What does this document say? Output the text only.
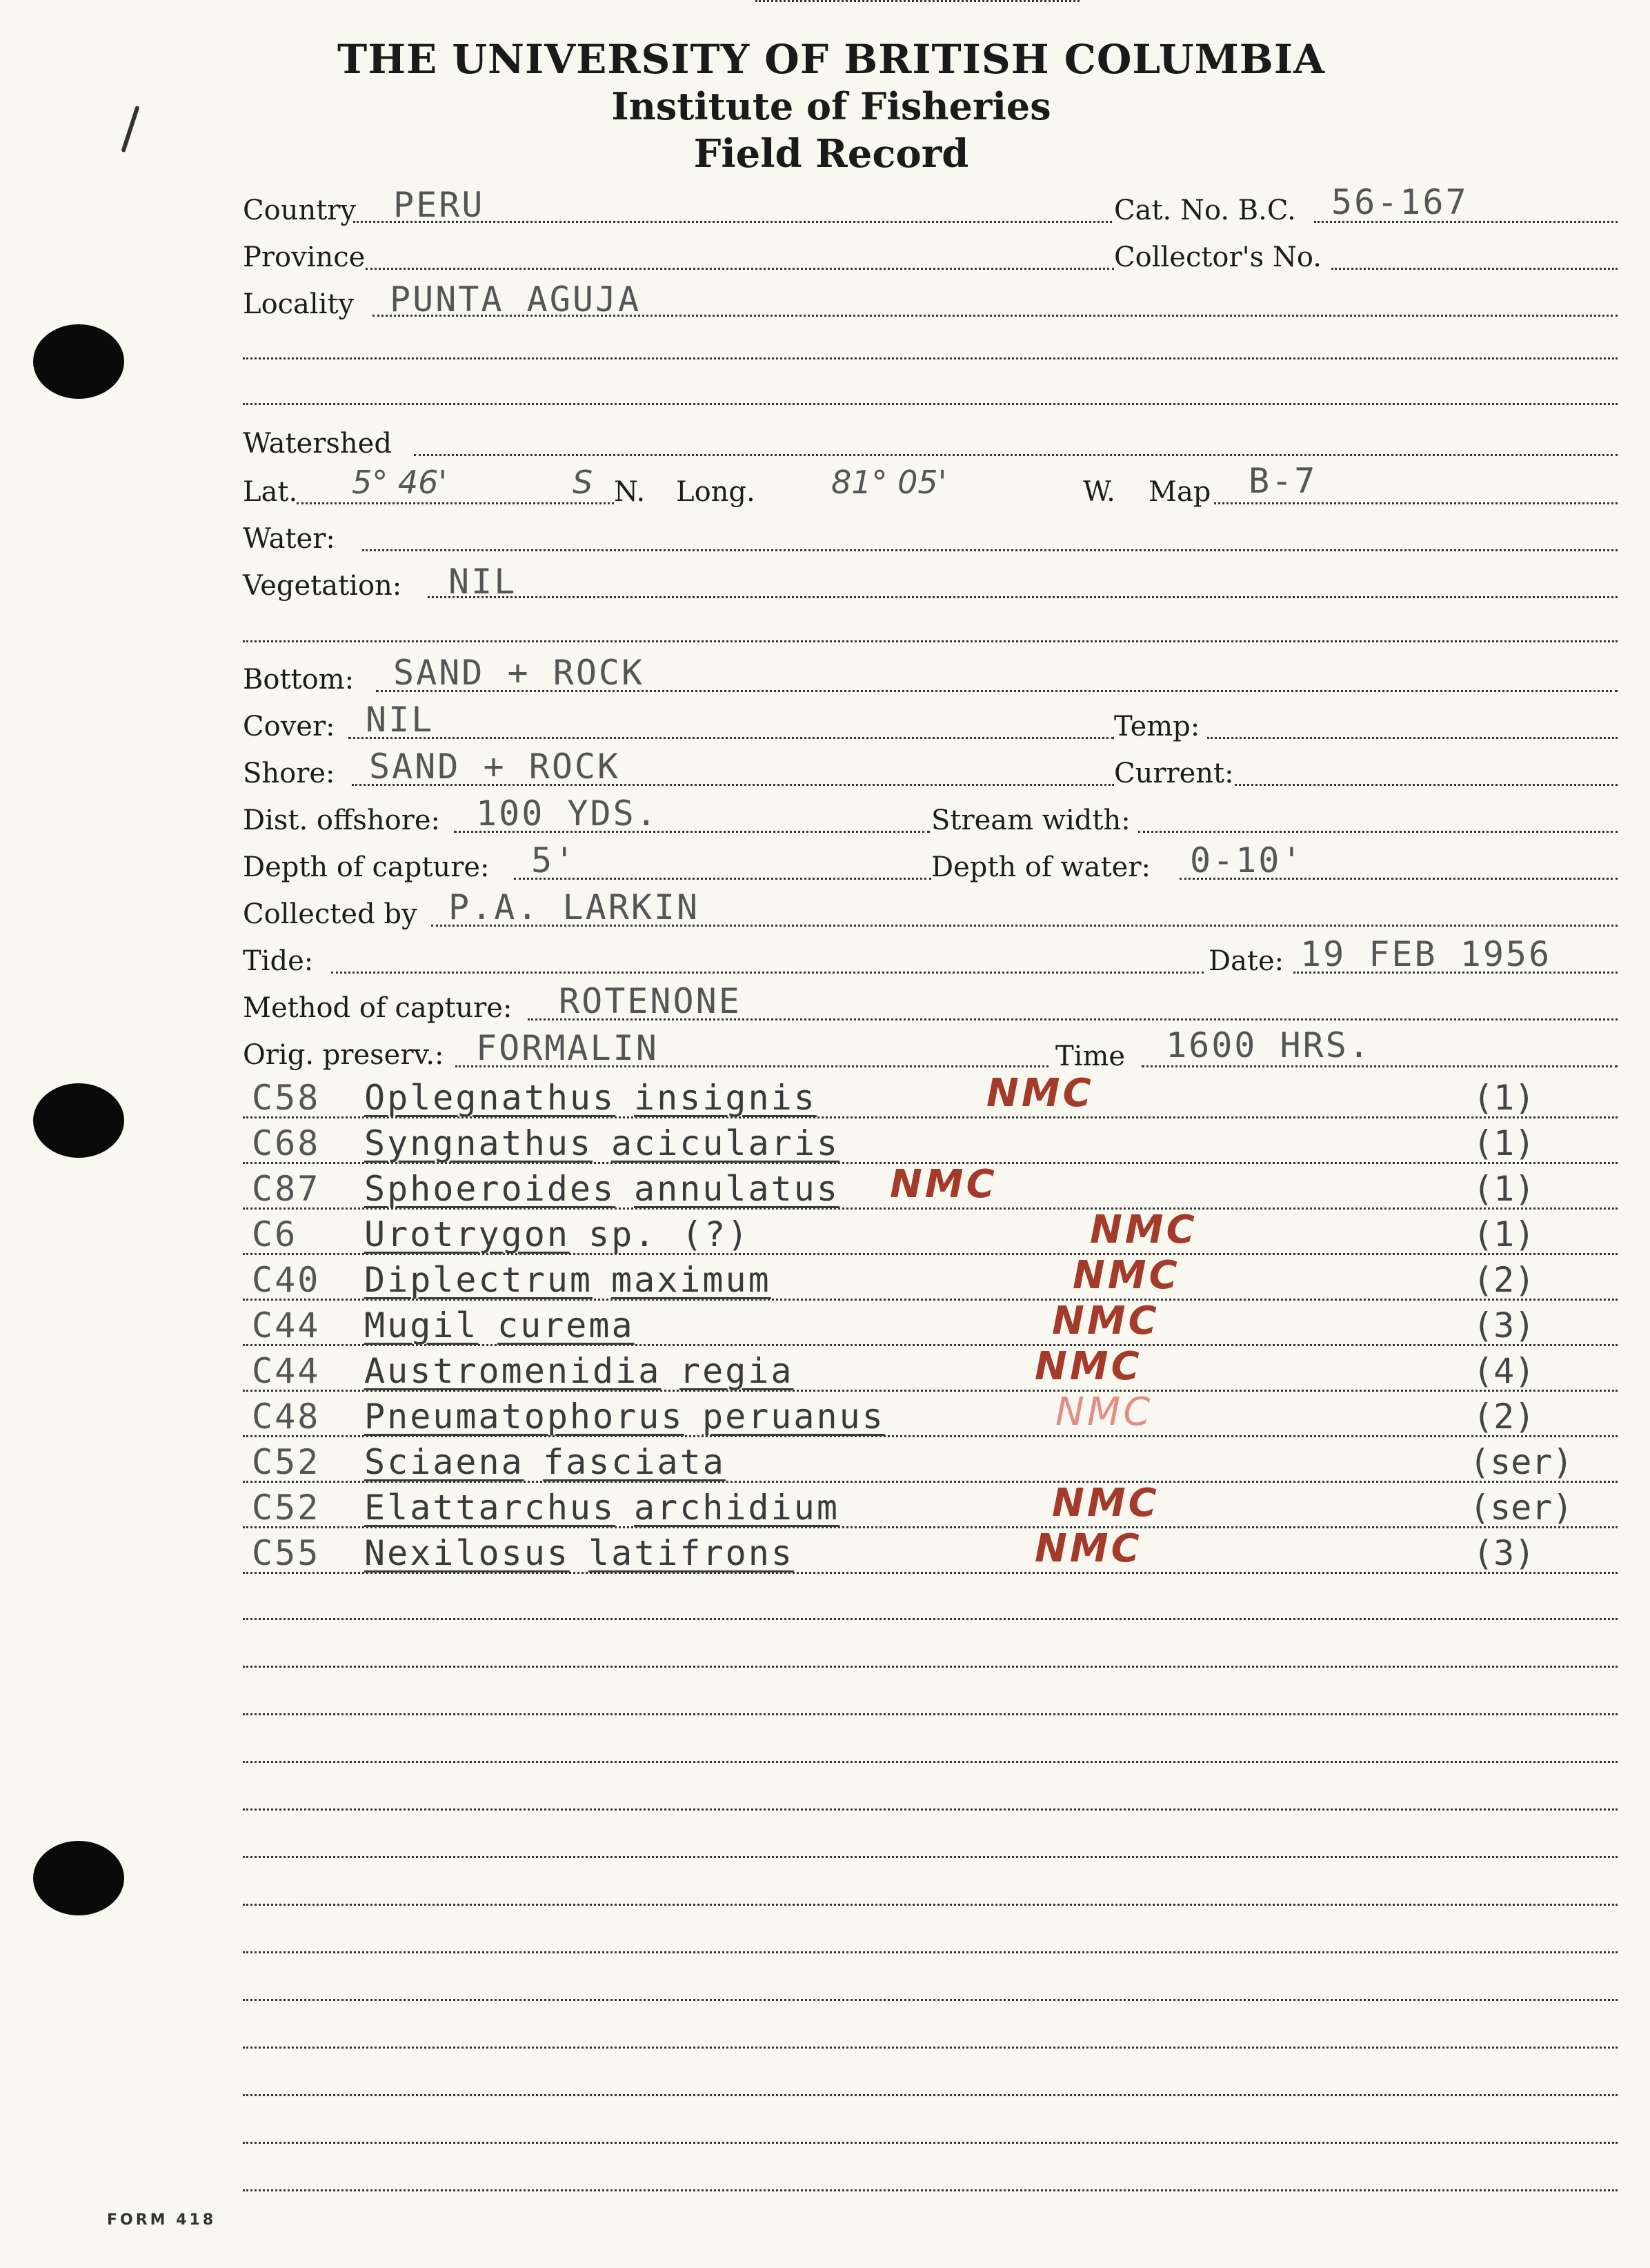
THE UNIVERSITY OF BRITISH COLUMBIA
Institute of Fisheries
Field Record
Country PERU	Cat. No. B.C. 56-167
Province	Collector's No.
Locality PUNTA AGUJA
Watershed
Lat. 5° 46'	S N. Long. 81° 05'	W. Map B-7
Water:
Vegetation: NIL
Bottom: SAND + ROCK
Cover: NIL	Temp:
Shore: SAND + ROCK	Current:
Dist. offshore: 100 YDS.	Stream width:
Depth of capture: 5'	Depth of water: 0-10'
Collected by P.A. LARKIN
Tide:	Date: 19 FEB 1956
Method of capture: ROTENONE
Orig. preserv.: FORMALIN	Time 1600 HRS.
C58 Oplegnathus insignis	NMC	(1)
C68 Syngnathus acicularis	(1)
C87 Sphoeroides annulatus NMC	(1)
C6 Urotrygon sp. (?)	NMC	(1)
C40 Diplectrum maximum	NMC	(2)
C44 Mugil curema	NMC	(3)
C44 Austromenidia regia	NMC	(4)
C48 Pneumatophorus peruanus	NMC	(2)
C52 Sciaena fasciata	(ser)
C52 Elattarchus archidium	NMC	(ser)
C55 Nexilosus latifrons	NMC	(3)
FORM 418
